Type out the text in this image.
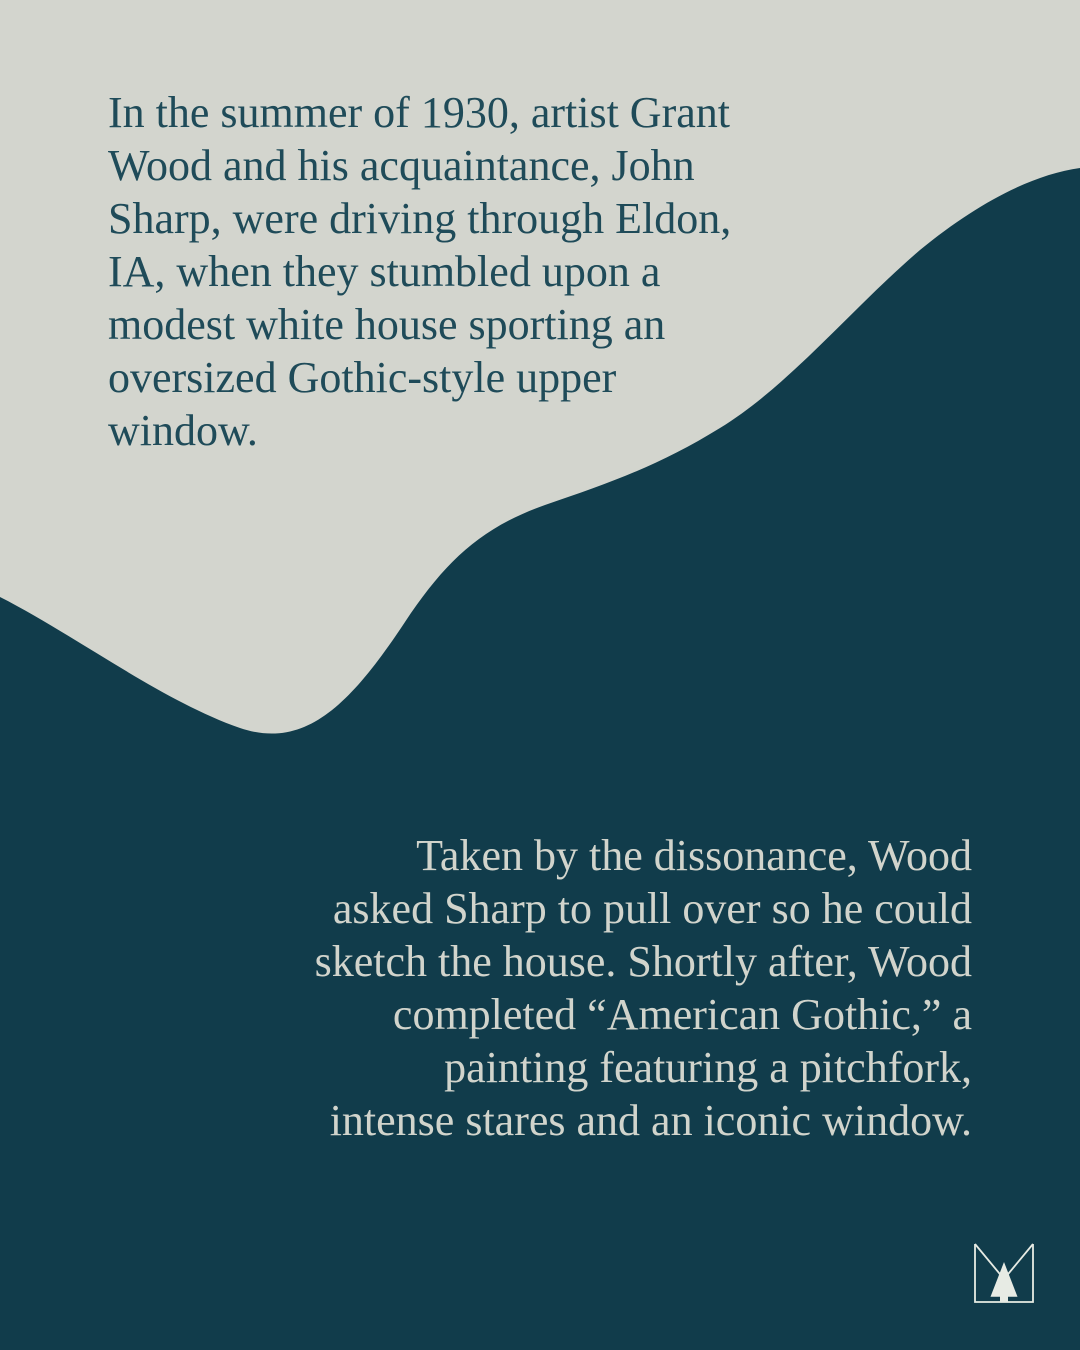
In the summer of 1930, artist Grant
Wood and his acquaintance, John
Sharp, were driving through Eldon,
IA, when they stumbled upon a
modest white house sporting an
oversized Gothic-style upper
window.
Taken by the dissonance, Wood
asked Sharp to pull over so he could
sketch the house. Shortly after, Wood
completed “American Gothic,” a
painting featuring a pitchfork,
intense stares and an iconic window.
